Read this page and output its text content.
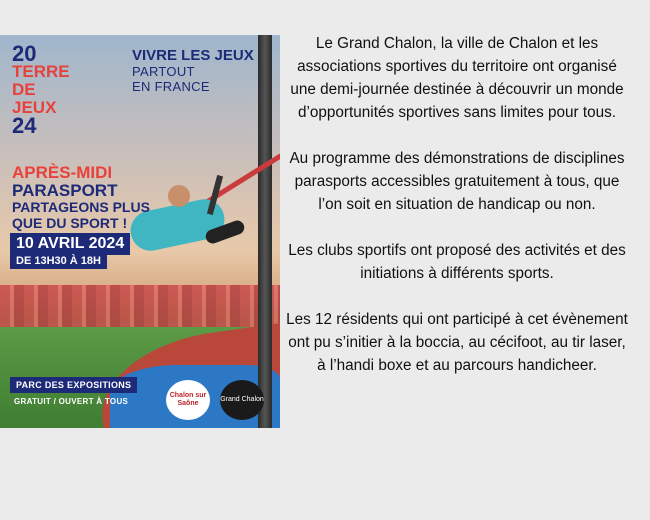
20
TERRE
DE JEUX
24
VIVRE LES JEUX
PARTOUT
EN FRANCE
APRÈS-MIDI
PARASPORT
PARTAGEONS PLUS
QUE DU SPORT !
10 AVRIL 2024
DE 13H30 À 18H
PARC DES EXPOSITIONS
GRATUIT / OUVERT À TOUS
Chalon sur Saône
Grand Chalon

Le Grand Chalon, la ville de Chalon et les associations sportives du territoire ont organisé une demi-journée destinée à découvrir un monde d’opportunités sportives sans limites pour tous.

Au programme des démonstrations de disciplines parasports accessibles gratuitement à tous, que l’on soit en situation de handicap ou non.

Les clubs sportifs ont proposé des activités et des initiations à différents sports.

Les 12 résidents qui ont participé à cet évènement ont pu s’initier à la boccia, au cécifoot, au tir laser, à l’handi boxe et au parcours handicheer.
